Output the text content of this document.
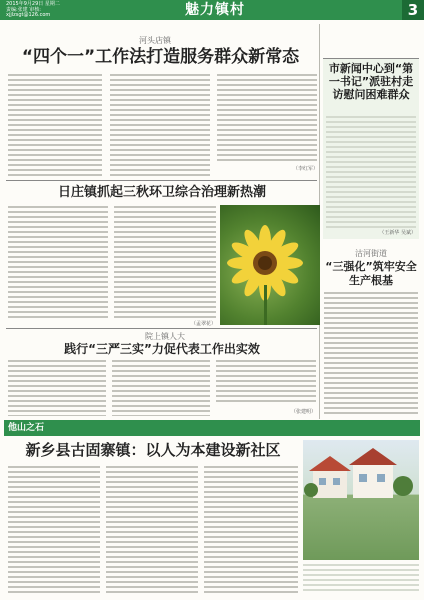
2015年9月29日 星期二
责编:张建 审核:
xjjlzsgt@126.com	魅力镇村	3
河头店镇
“四个一”工作法打造服务群众新常态
（李红军）
市新闻中心到“第一书记”派驻村走访慰问困难群众
（王新华 吴斌）
日庄镇抓起三秋环卫综合治理新热潮
（孟翠花）
沽河街道
“三强化”筑牢安全生产根基
院上镇人大
践行“三严三实”力促代表工作出实效
（张建明）
他山之石
新乡县古固寨镇：以人为本建设新社区
